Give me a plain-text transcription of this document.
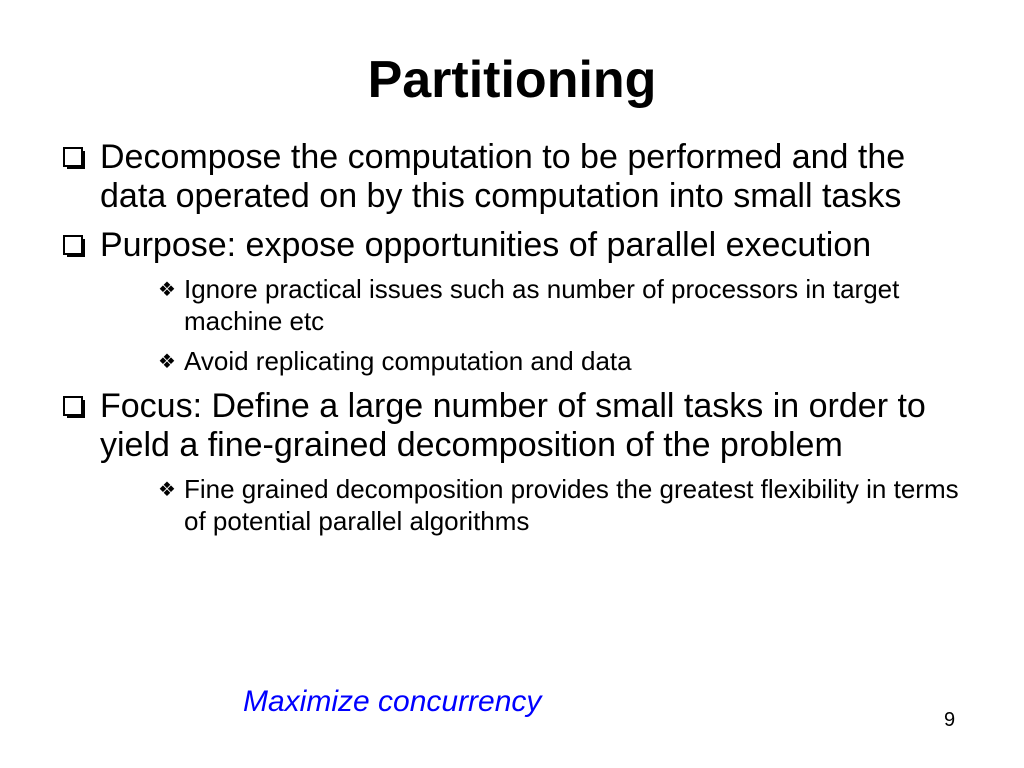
Partitioning
Decompose the computation to be performed and the data operated on by this computation into small tasks
Purpose: expose opportunities of parallel execution
❖ Ignore practical issues such as number of processors in target machine etc
❖ Avoid replicating computation and data
Focus: Define a large number of small tasks in order to yield a fine-grained decomposition of the problem
❖ Fine grained decomposition provides the greatest flexibility in terms of potential parallel algorithms
Maximize concurrency
9
